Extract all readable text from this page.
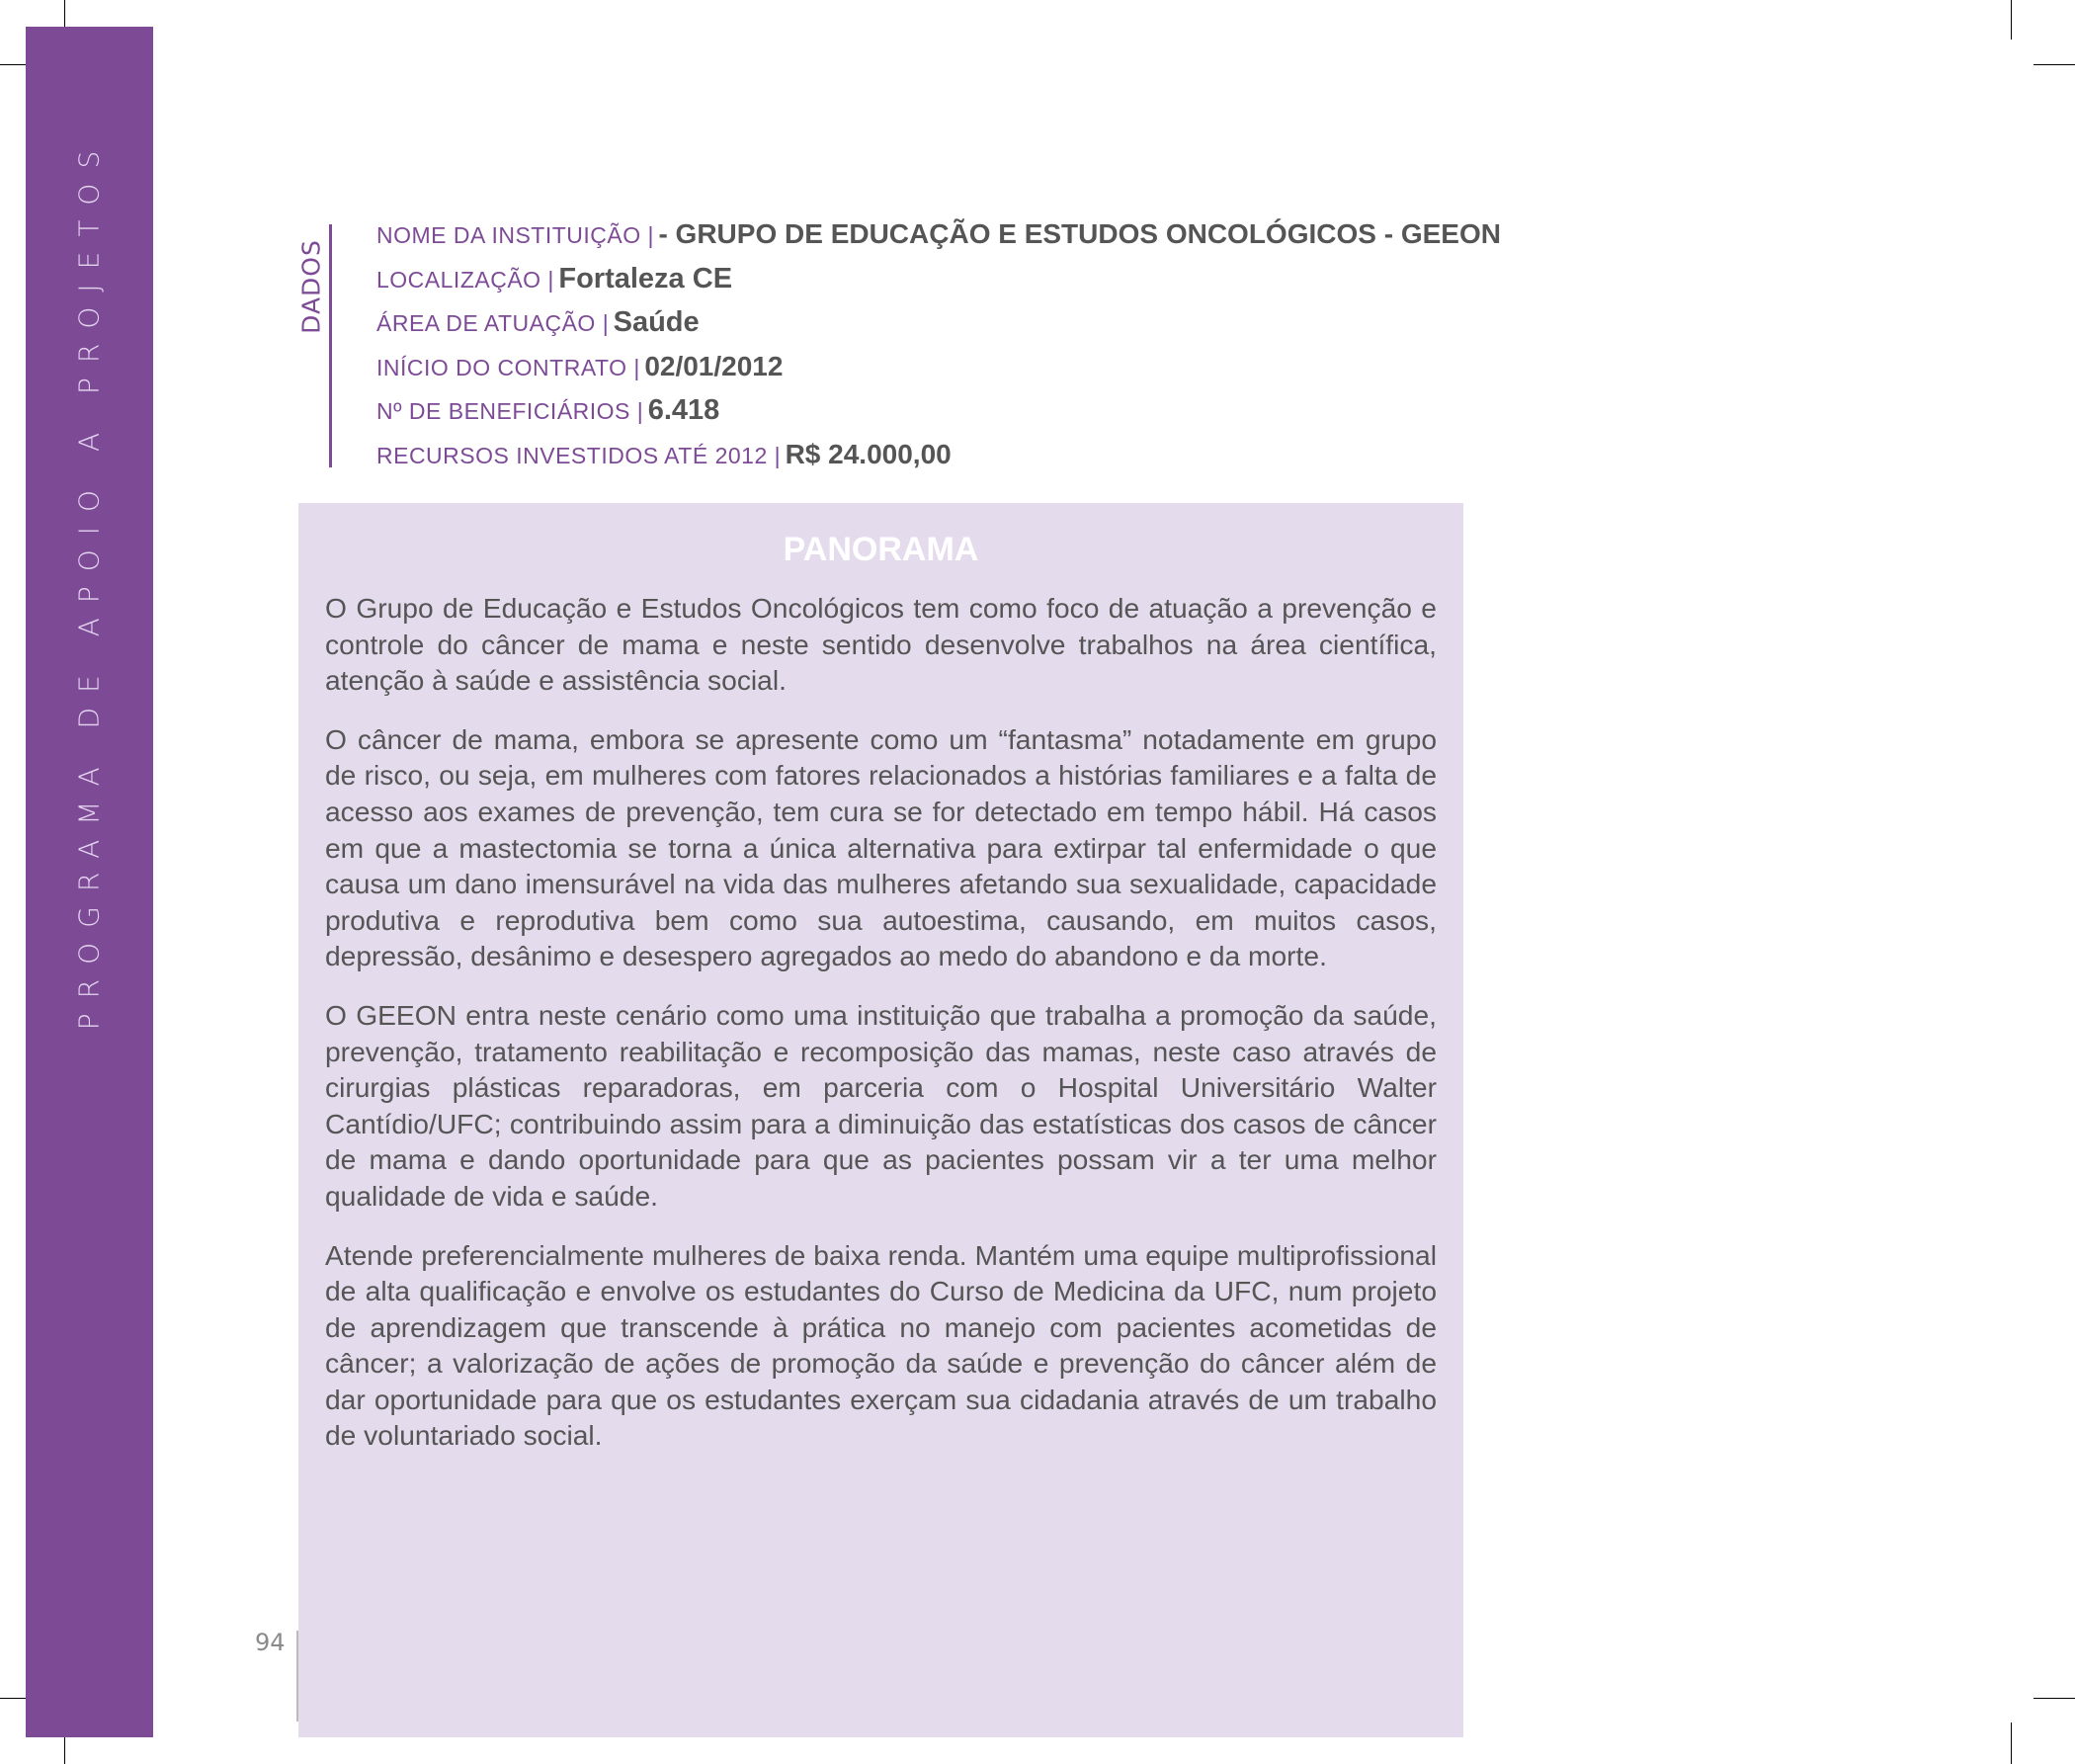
PROGRAMA DE APOIO A PROJETOS	DADOS
NOME DA INSTITUIÇÃO | - GRUPO DE EDUCAÇÃO E ESTUDOS ONCOLÓGICOS - GEEON
LOCALIZAÇÃO | Fortaleza CE
ÁREA DE ATUAÇÃO | Saúde
INÍCIO DO CONTRATO | 02/01/2012
Nº DE BENEFICIÁRIOS | 6.418
RECURSOS INVESTIDOS ATÉ 2012 | R$ 24.000,00
PANORAMA

O Grupo de Educação e Estudos Oncológicos tem como foco de atuação a prevenção e controle do câncer de mama e neste sentido desenvolve trabalhos na área científica, atenção à saúde e assistência social.

O câncer de mama, embora se apresente como um “fantasma” notadamente em grupo de risco, ou seja, em mulheres com fatores relacionados a histórias familiares e a falta de acesso aos exames de prevenção, tem cura se for detectado em tempo hábil. Há casos em que a mastectomia se torna a única alternativa para extirpar tal enfermidade o que causa um dano imensurável na vida das mulheres afetando sua sexualidade, capacidade produtiva e reprodutiva bem como sua autoestima, causando, em muitos casos, depressão, desânimo e desespero agregados ao medo do abandono e da morte.

O GEEON entra neste cenário como uma instituição que trabalha a promoção da saúde, prevenção, tratamento reabilitação e recomposição das mamas, neste caso através de cirurgias plásticas reparadoras, em parceria com o Hospital Universitário Walter Cantídio/UFC; contribuindo assim para a diminuição das estatísticas dos casos de câncer de mama e dando oportunidade para que as pacientes possam vir a ter uma melhor qualidade de vida e saúde.

Atende preferencialmente mulheres de baixa renda. Mantém uma equipe multiprofissional de alta qualificação e envolve os estudantes do Curso de Medicina da UFC, num projeto de aprendizagem que transcende à prática no manejo com pacientes acometidas de câncer; a valorização de ações de promoção da saúde e prevenção do câncer além de dar oportunidade para que os estudantes exerçam sua cidadania através de um trabalho de voluntariado social.

94
